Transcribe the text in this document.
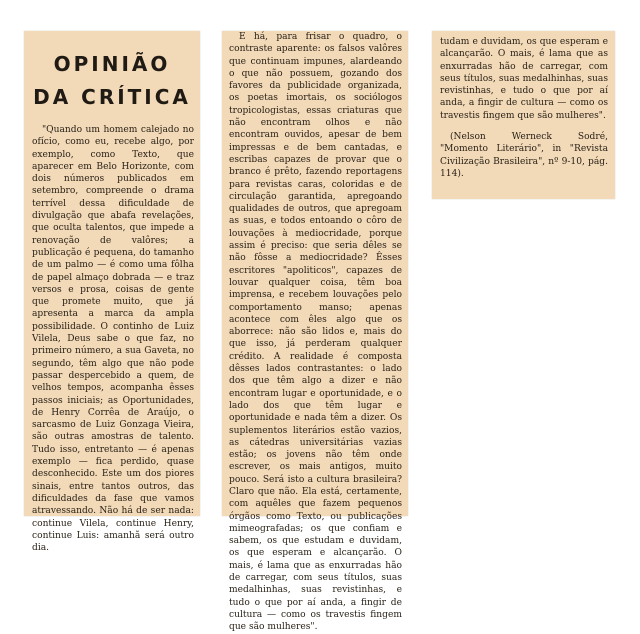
OPINIÃO
DA CRÍTICA
"Quando um homem calejado no ofício, como eu, recebe algo, por exemplo, como Texto, que aparecer em Belo Horizonte, com dois números publicados em setembro, compreende o drama terrível dessa dificuldade de divulgação que abafa revelações, que oculta talentos, que impede a renovação de valôres; a publicação é pequena, do tamanho de um palmo — é como uma fôlha de papel almaço dobrada — e traz versos e prosa, coisas de gente que promete muito, que já apresenta a marca da ampla possibilidade. O continho de Luiz Vilela, Deus sabe o que faz, no primeiro número, a sua Gaveta, no segundo, têm algo que não pode passar despercebido a quem, de velhos tempos, acompanha êsses passos iniciais; as Oportunidades, de Henry Corrêa de Araújo, o sarcasmo de Luiz Gonzaga Vieira, são outras amostras de talento. Tudo isso, entretanto — é apenas exemplo — fica perdido, quase desconhecido. Este um dos piores sinais, entre tantos outros, das dificuldades da fase que vamos atravessando. Não há de ser nada: continue Vilela, continue Henry, continue Luis: amanhã será outro dia.
E há, para frisar o quadro, o contraste aparente: os falsos valôres que continuam impunes, alardeando o que não possuem, gozando dos favores da publicidade organizada, os poetas imortais, os sociólogos tropicologistas, essas criaturas que não encontram olhos e não encontram ouvidos, apesar de bem impressas e de bem cantadas, e escribas capazes de provar que o branco é prêto, fazendo reportagens para revistas caras, coloridas e de circulação garantida, apregoando qualidades de outros, que apregoam as suas, e todos entoando o côro de louvações à mediocridade, porque assim é preciso: que seria dêles se não fôsse a mediocridade? Êsses escritores "apoliticos", capazes de louvar qualquer coisa, têm boa imprensa, e recebem louvações pelo comportamento manso; apenas acontece com êles algo que os aborrece: não são lidos e, mais do que isso, já perderam qualquer crédito. A realidade é composta dêsses lados contrastantes: o lado dos que têm algo a dizer e não encontram lugar e oportunidade, e o lado dos que têm lugar e oportunidade e nada têm a dizer. Os suplementos literários estão vazios, as cátedras universitárias vazias estão; os jovens não têm onde escrever, os mais antigos, muito pouco. Será isto a cultura brasileira? Claro que não. Ela está, certamente, com aquêles que fazem pequenos órgãos como Texto, ou publicações mimeografadas; os que confiam e sabem, os que estudam e duvidam, os que esperam e alcançarão. O mais, é lama que as enxurradas hão de carregar, com seus títulos, suas medalhinhas, suas revistinhas, e tudo o que por aí anda, a fingir de cultura — como os travestis fingem que são mulheres".
tudam e duvidam, os que esperam e alcançarão. O mais, é lama que as enxurradas hão de carregar, com seus títulos, suas medalhinhas, suas revistinhas, e tudo o que por aí anda, a fingir de cultura — como os travestis fingem que são mulheres".
(Nelson Werneck Sodré, "Momento Literário", in "Revista Civilização Brasileira", nº 9-10, pág. 114).
